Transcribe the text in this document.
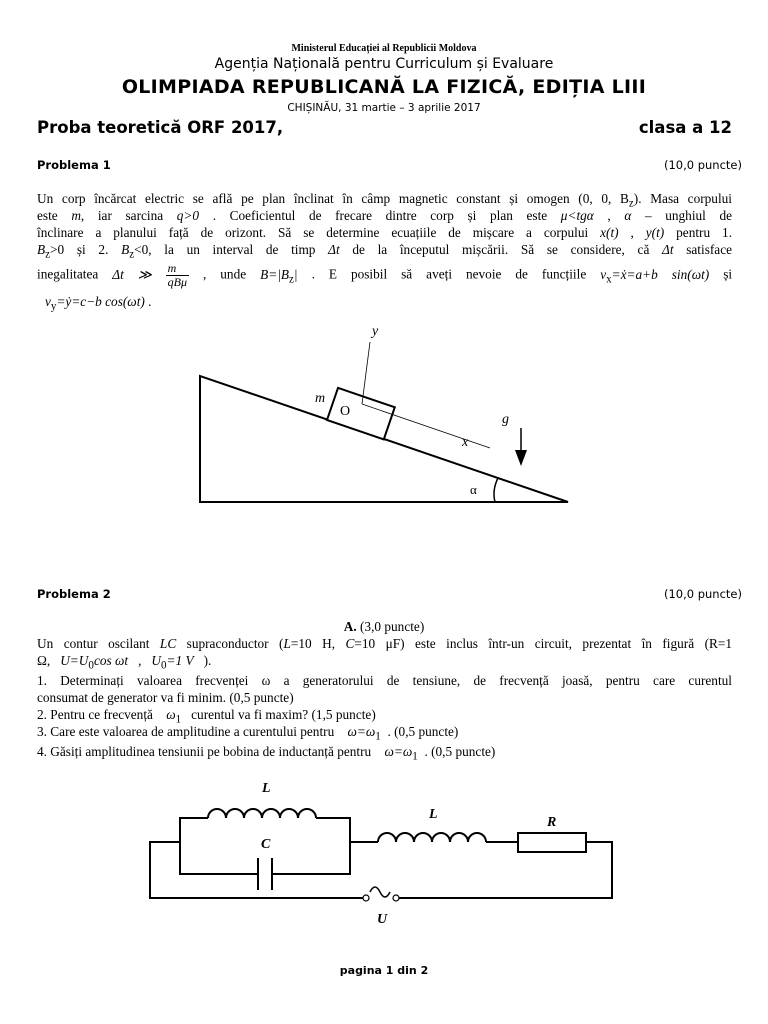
Ministerul Educației al Republicii Moldova
Agenția Națională pentru Curriculum și Evaluare
OLIMPIADA REPUBLICANĂ LA FIZICĂ, EDIȚIA LIII
CHIȘINĂU, 31 martie – 3 aprilie 2017
Proba teoretică ORF 2017,	clasa a 12
Problema 1	(10,0 puncte)
Un corp încărcat electric se află pe plan înclinat în câmp magnetic constant și omogen (0, 0, $B_z$). Masa corpului
este m, iar sarcina q>0 . Coeficientul de frecare dintre corp și plan este μ<tgα , α – unghiul de
înclinare a planului față de orizont. Să se determine ecuațiile de mișcare a corpului x(t) , y(t) pentru 1.
$B_z>0$ și 2. $B_z<0$, la un interval de timp Δt de la începutul mișcării. Să se considere, că Δt satisface
inegalitatea Δt ≫ $\frac{m}{\text{qBμ}}$ , unde $B=|B_z|$ . E posibil să aveți nevoie de funcțiile $v_x=ẋ=a+b$ sin(ωt) și
$v_y=ẏ=c-b$ cos(ωt) .
y
m
O
x
g
α
Problema 2	(10,0 puncte)
A. (3,0 puncte)
Un contur oscilant LC supraconductor (L=10 H, C=10 μF) este inclus într-un circuit, prezentat în figură (R=1
Ω, $U=U_0\cos$ ωt , $U_0=1$ V ).
1. Determinați valoarea frecvenței ω a generatorului de tensiune, de frecvență joasă, pentru care curentul
consumat de generator va fi minim. (0,5 puncte)
2. Pentru ce frecvență $\omega_1$ curentul va fi maxim? (1,5 puncte)
3. Care este valoarea de amplitudine a curentului pentru $\omega=\omega_1$ . (0,5 puncte)
4. Găsiți amplitudinea tensiunii pe bobina de inductanță pentru $\omega=\omega_1$ . (0,5 puncte)
L
C
L
R
U
pagina 1 din 2
